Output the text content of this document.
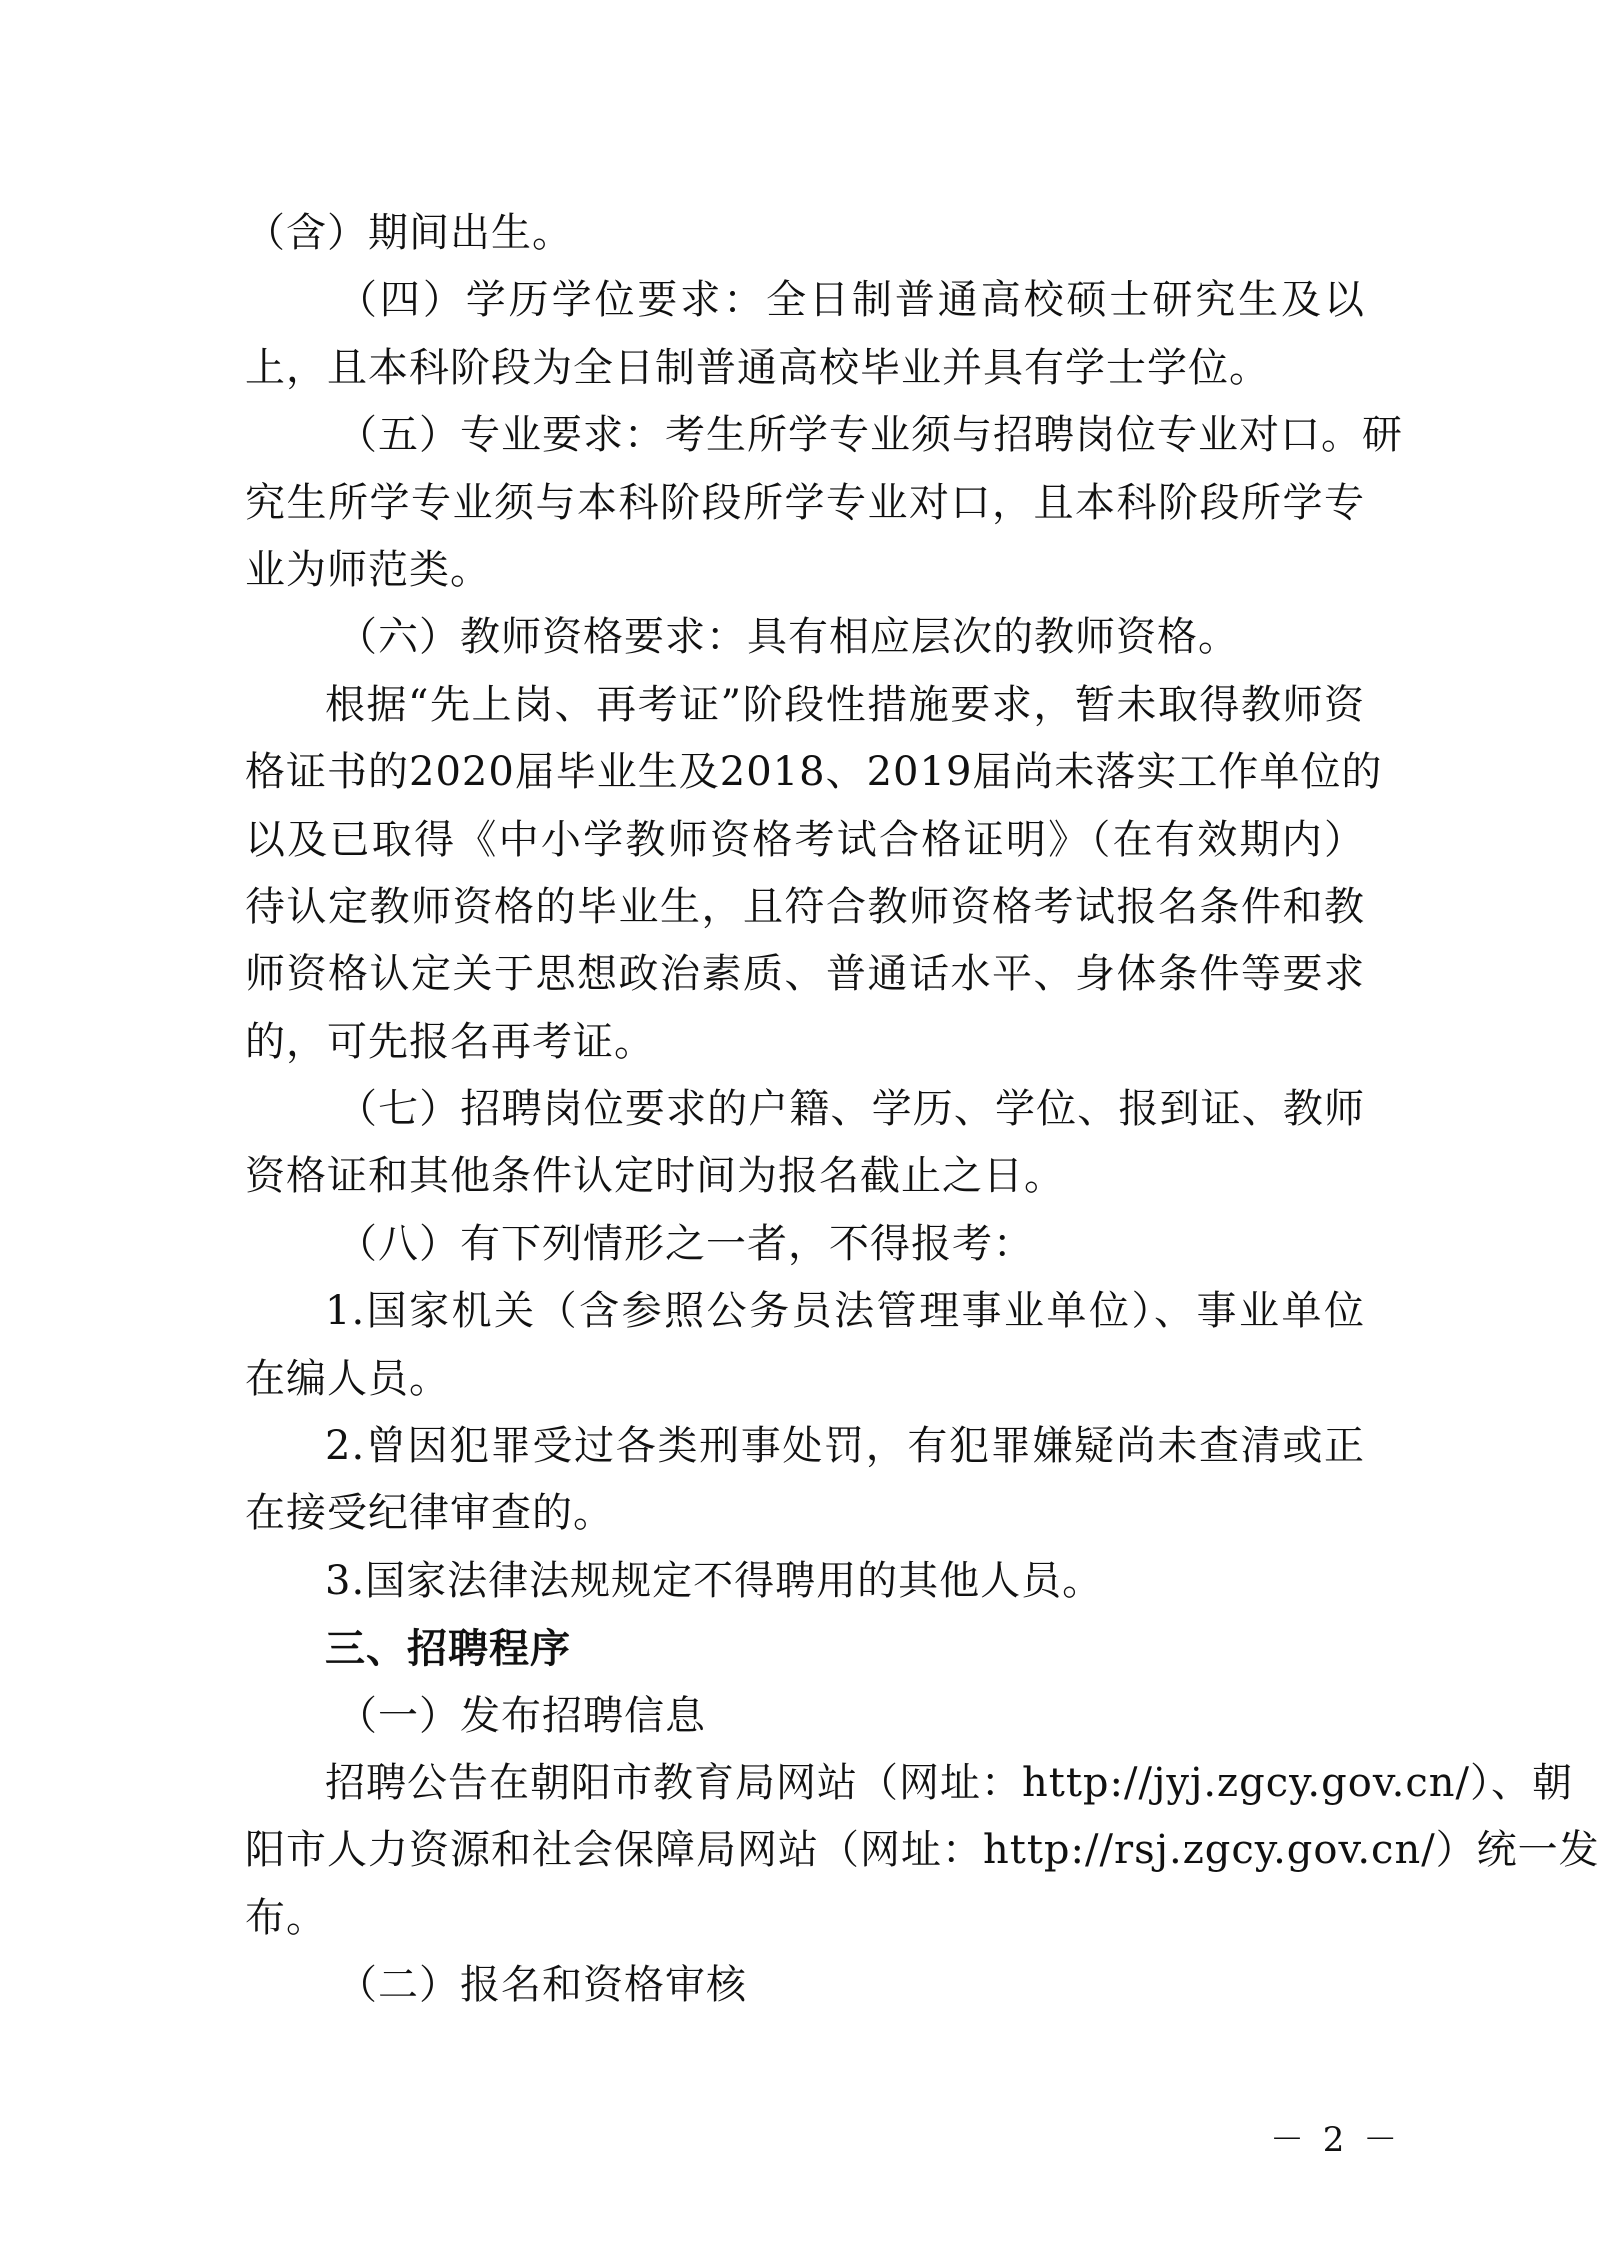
（含）期间出生。
（四）学历学位要求：全日制普通高校硕士研究生及以
上，且本科阶段为全日制普通高校毕业并具有学士学位。
（五）专业要求：考生所学专业须与招聘岗位专业对口。研
究生所学专业须与本科阶段所学专业对口，且本科阶段所学专
业为师范类。
（六）教师资格要求：具有相应层次的教师资格。
根据“先上岗、再考证”阶段性措施要求，暂未取得教师资
格证书的2020届毕业生及2018、2019届尚未落实工作单位的
以及已取得《中小学教师资格考试合格证明》（在有效期内）
待认定教师资格的毕业生，且符合教师资格考试报名条件和教
师资格认定关于思想政治素质、普通话水平、身体条件等要求
的，可先报名再考证。
（七）招聘岗位要求的户籍、学历、学位、报到证、教师
资格证和其他条件认定时间为报名截止之日。
（八）有下列情形之一者，不得报考：
1.国家机关（含参照公务员法管理事业单位）、事业单位
在编人员。
2.曾因犯罪受过各类刑事处罚，有犯罪嫌疑尚未查清或正
在接受纪律审查的。
3.国家法律法规规定不得聘用的其他人员。
三、招聘程序
（一）发布招聘信息
招聘公告在朝阳市教育局网站（网址：http://jyj.zgcy.gov.cn/）、朝
阳市人力资源和社会保障局网站（网址：http://rsj.zgcy.gov.cn/）统一发
布。
（二）报名和资格审核
－ 2 －
